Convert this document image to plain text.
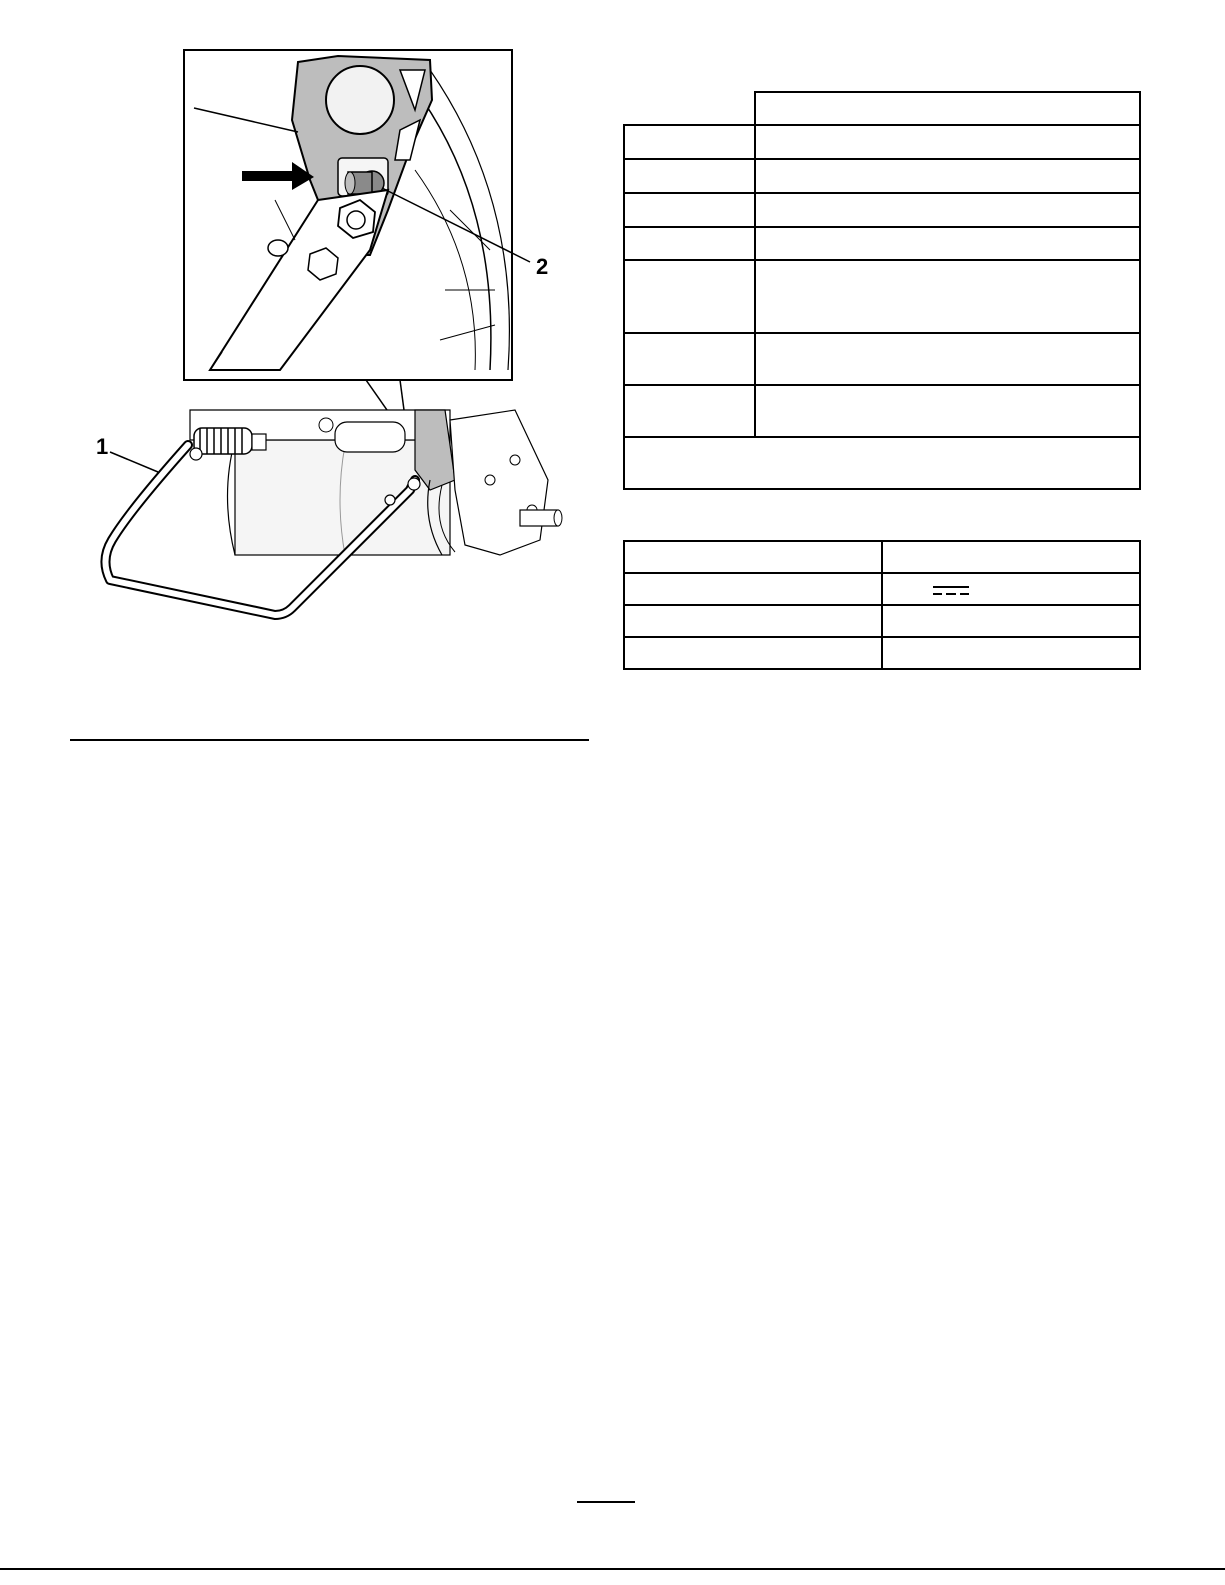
1
2
